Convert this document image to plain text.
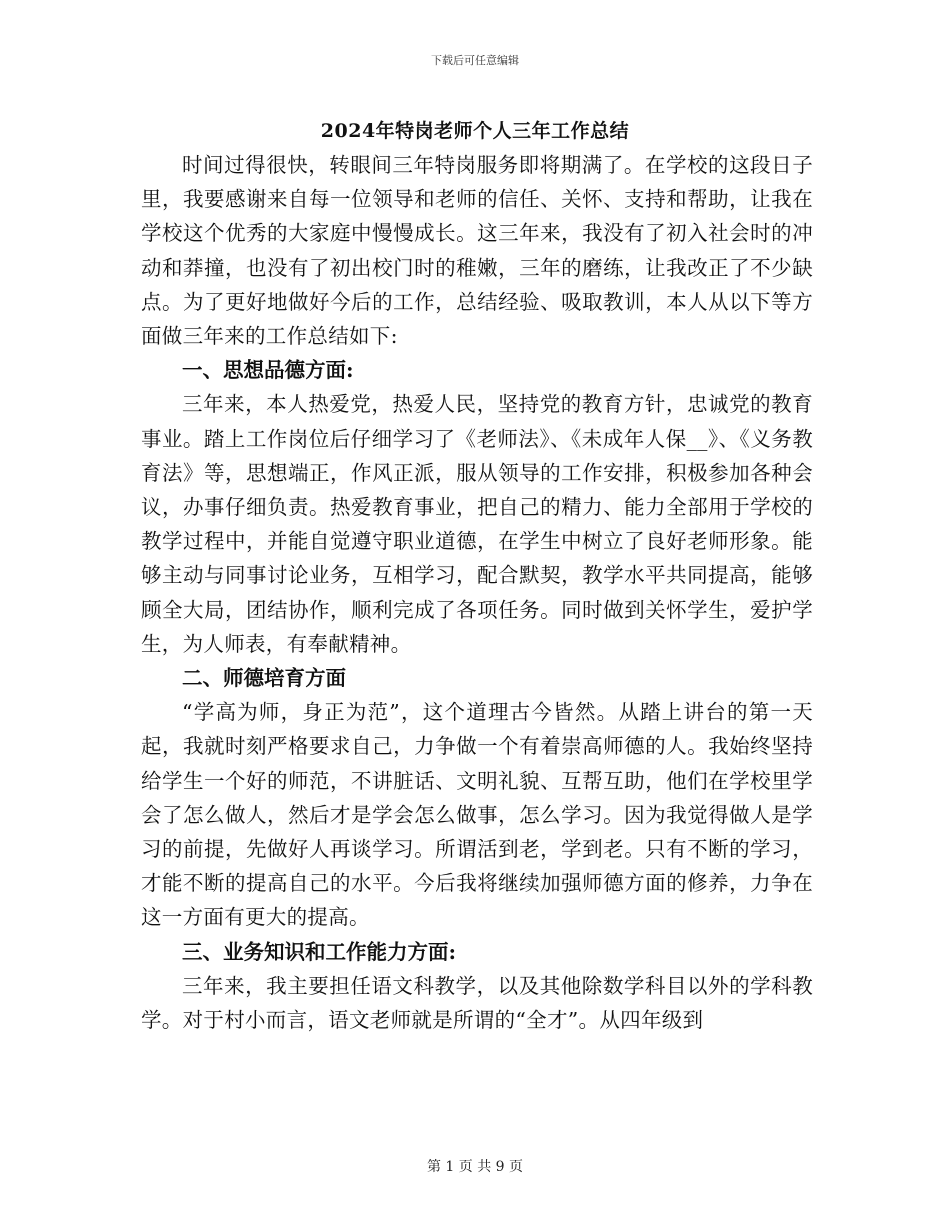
下载后可任意编辑
2024年特岗老师个人三年工作总结

时间过得很快，转眼间三年特岗服务即将期满了。在学校的这段日子里，我要感谢来自每一位领导和老师的信任、关怀、支持和帮助，让我在学校这个优秀的大家庭中慢慢成长。这三年来，我没有了初入社会时的冲动和莽撞，也没有了初出校门时的稚嫩，三年的磨练，让我改正了不少缺点。为了更好地做好今后的工作，总结经验、吸取教训，本人从以下等方面做三年来的工作总结如下:

一、思想品德方面:

三年来，本人热爱党，热爱人民，坚持党的教育方针，忠诚党的教育事业。踏上工作岗位后仔细学习了《老师法》、《未成年人保__》、《义务教育法》等，思想端正，作风正派，服从领导的工作安排，积极参加各种会议，办事仔细负责。热爱教育事业，把自己的精力、能力全部用于学校的教学过程中，并能自觉遵守职业道德，在学生中树立了良好老师形象。能够主动与同事讨论业务，互相学习，配合默契，教学水平共同提高，能够顾全大局，团结协作，顺利完成了各项任务。同时做到关怀学生，爱护学生，为人师表，有奉献精神。

二、师德培育方面

“学高为师，身正为范”，这个道理古今皆然。从踏上讲台的第一天起，我就时刻严格要求自己，力争做一个有着崇高师德的人。我始终坚持给学生一个好的师范，不讲脏话、文明礼貌、互帮互助，他们在学校里学会了怎么做人，然后才是学会怎么做事，怎么学习。因为我觉得做人是学习的前提，先做好人再谈学习。所谓活到老，学到老。只有不断的学习，才能不断的提高自己的水平。今后我将继续加强师德方面的修养，力争在这一方面有更大的提高。

三、业务知识和工作能力方面:

三年来，我主要担任语文科教学，以及其他除数学科目以外的学科教学。对于村小而言，语文老师就是所谓的“全才”。从四年级到

第 1 页 共 9 页
